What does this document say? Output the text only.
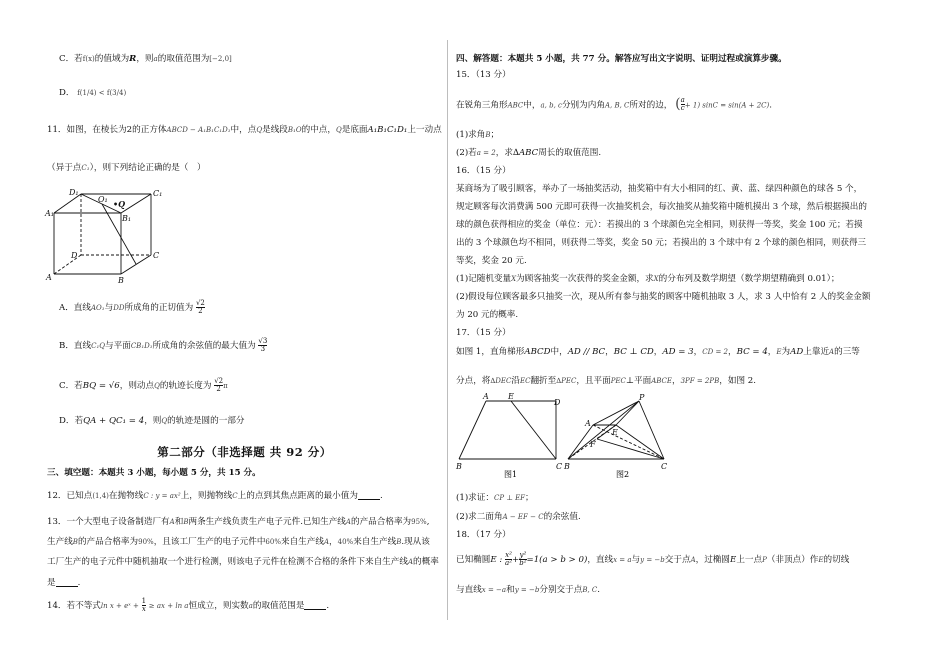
C．若f(x)的值域为R，则a的取值范围为[−2,0]
D． f(1/4) < f(3/4)
11．如图，在棱长为2的正方体ABCD − A₁B₁C₁D₁中，点Q是线段B₁O的中点，Q是底面A₁B₁C₁D₁上一动点
（异于点C₁），则下列结论正确的是（　）
D₁	C₁
A₁
B₁
O₁ •Q
D	C
A	B
A．直线AO₁与DD所成角的正切值为 $\frac{√2}{2}$
B．直线C₁Q与平面CB₁D₁所成角的余弦值的最大值为 $\frac{√3}{3}$
C．若BQ = √6，则动点Q的轨迹长度为 $\frac{√2}{2}$ π
D．若QA + QC₁ = 4，则Q的轨迹是圆的一部分
第二部分（非选择题 共 92 分）
三、填空题：本题共 3 小题，每小题 5 分，共 15 分。
12．已知点(1,4)在抛物线C : y = ax²上，则抛物线C上的点到其焦点距离的最小值为	.
13．一个大型电子设备制造厂有A和B两条生产线负责生产电子元件.已知生产线A的产品合格率为95%,
生产线B的产品合格率为90%，且该工厂生产的电子元件中60%来自生产线A，40%来自生产线B.现从该
工厂生产的电子元件中随机抽取一个进行检测，则该电子元件在检测不合格的条件下来自生产线A的概率
是	.
14．若不等式ln x + eˣ + $\frac{1}{x}$ ≥ ax + ln a恒成立，则实数a的取值范围是	.
四、解答题：本题共 5 小题，共 77 分。解答应写出文字说明、证明过程或演算步骤。
15．（13 分）
在锐角三角形ABC中，a, b, c分别为内角A, B, C所对的边， ( $\frac{a}{c} + 1$) sinC = sin(A + 2C).
(1)求角B；
(2)若a = 2，求∆ABC周长的取值范围.
16．（15 分）
某商场为了吸引顾客，举办了一场抽奖活动，抽奖箱中有大小相同的红、黄、蓝、绿四种颜色的球各 5 个，
规定顾客每次消费满 500 元即可获得一次抽奖机会，每次抽奖从抽奖箱中随机摸出 3 个球，然后根据摸出的
球的颜色获得相应的奖金（单位：元）：若摸出的 3 个球颜色完全相同，则获得一等奖，奖金 100 元；若摸
出的 3 个球颜色均不相同，则获得二等奖，奖金 50 元；若摸出的 3 个球中有 2 个球的颜色相同，则获得三
等奖，奖金 20 元.
(1)记随机变量X为顾客抽奖一次获得的奖金金额，求X的分布列及数学期望（数学期望精确到 0.01）；
(2)假设每位顾客最多只抽奖一次，现从所有参与抽奖的顾客中随机抽取 3 人，求 3 人中恰有 2 人的奖金金额
为 20 元的概率.
17．（15 分）
如图 1，直角梯形ABCD中，AD // BC，BC ⊥ CD，AD = 3，CD = 2，BC = 4，E为AD上靠近A的三等
分点，将∆DEC沿EC翻折至∆PEC，且平面PEC⊥平面ABCE，3PF = 2PB，如图 2.
A E
D
B	C
图1
P
A
E
F
B	C
图2
(1)求证：CP ⊥ EF；
(2)求二面角A − EF − C的余弦值.
18．（17 分）
已知椭圆E : $\frac{\text{x²}}{\text{a²}} + \frac{\text{y²}}{\text{b²}} =1(a > b > 0)$，直线x = a与y = −b交于点A，过椭圆E上一点P（非顶点）作E的切线
与直线x = −a和y = −b分别交于点B, C.
